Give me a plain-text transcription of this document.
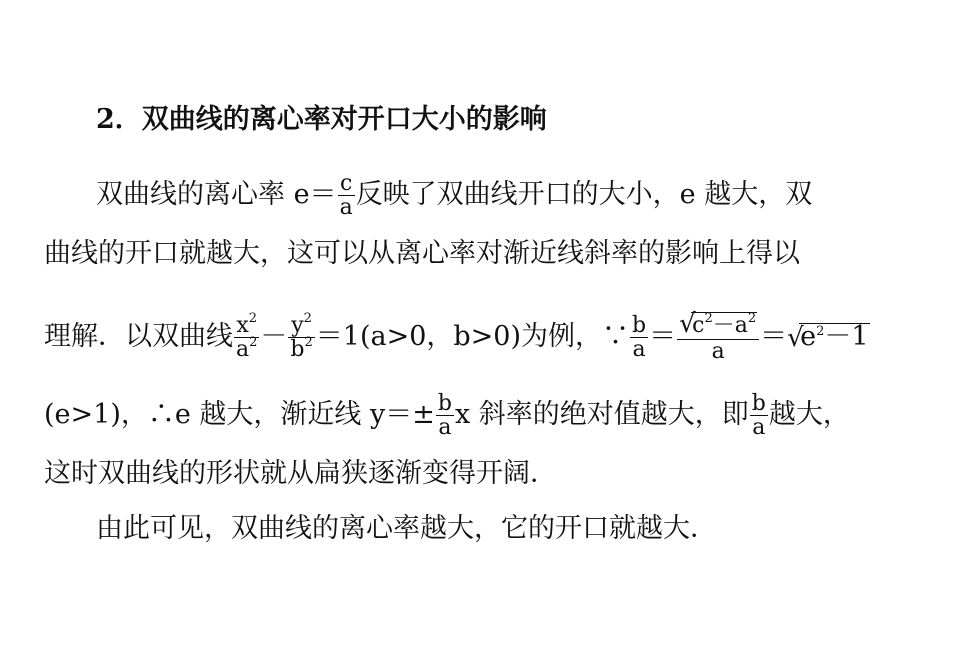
2．双曲线的离心率对开口大小的影响
双曲线的离心率 $e= \frac{c}{a}$ 反映了双曲线开口的大小，e 越大，双
曲线的开口就越大，这可以从离心率对渐近线斜率的影响上得以
理解．以双曲线 $\frac{x^2}{a^2} - \frac{y^2}{b^2} =1(a>0$，b>0)为例，∵ $\frac{b}{a}$ ＝ √
$c^2-a^2$
a ＝ √
$e^2-1$
(e>1)，∴e 越大，渐近线 $y=\pm \frac{b}{a}$ x 斜率的绝对值越大，即 $\frac{b}{a}$ 越大，
这时双曲线的形状就从扁狭逐渐变得开阔．
由此可见，双曲线的离心率越大，它的开口就越大．
